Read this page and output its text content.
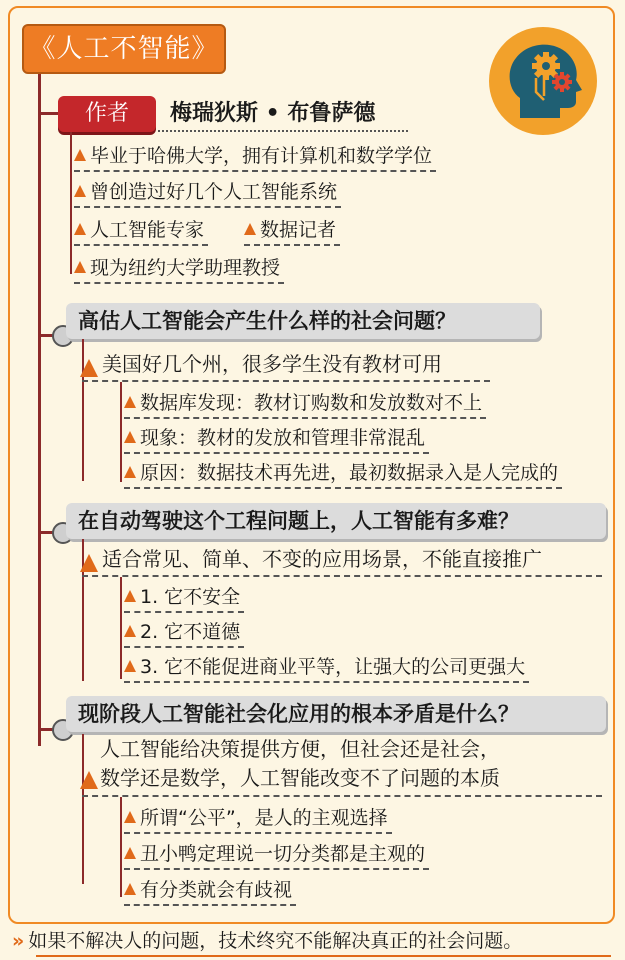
《人工不智能》
作者	梅瑞狄斯 • 布鲁萨德
毕业于哈佛大学，拥有计算机和数学学位
曾创造过好几个人工智能系统
人工智能专家	数据记者
现为纽约大学助理教授
高估人工智能会产生什么样的社会问题？
美国好几个州，很多学生没有教材可用
数据库发现：教材订购数和发放数对不上
现象：教材的发放和管理非常混乱
原因：数据技术再先进，最初数据录入是人完成的
在自动驾驶这个工程问题上，人工智能有多难？
适合常见、简单、不变的应用场景，不能直接推广
1. 它不安全
2. 它不道德
3. 它不能促进商业平等，让强大的公司更强大
现阶段人工智能社会化应用的根本矛盾是什么？
人工智能给决策提供方便，但社会还是社会，
数学还是数学，人工智能改变不了问题的本质
所谓“公平”，是人的主观选择
丑小鸭定理说一切分类都是主观的
有分类就会有歧视
» 如果不解决人的问题，技术终究不能解决真正的社会问题。
